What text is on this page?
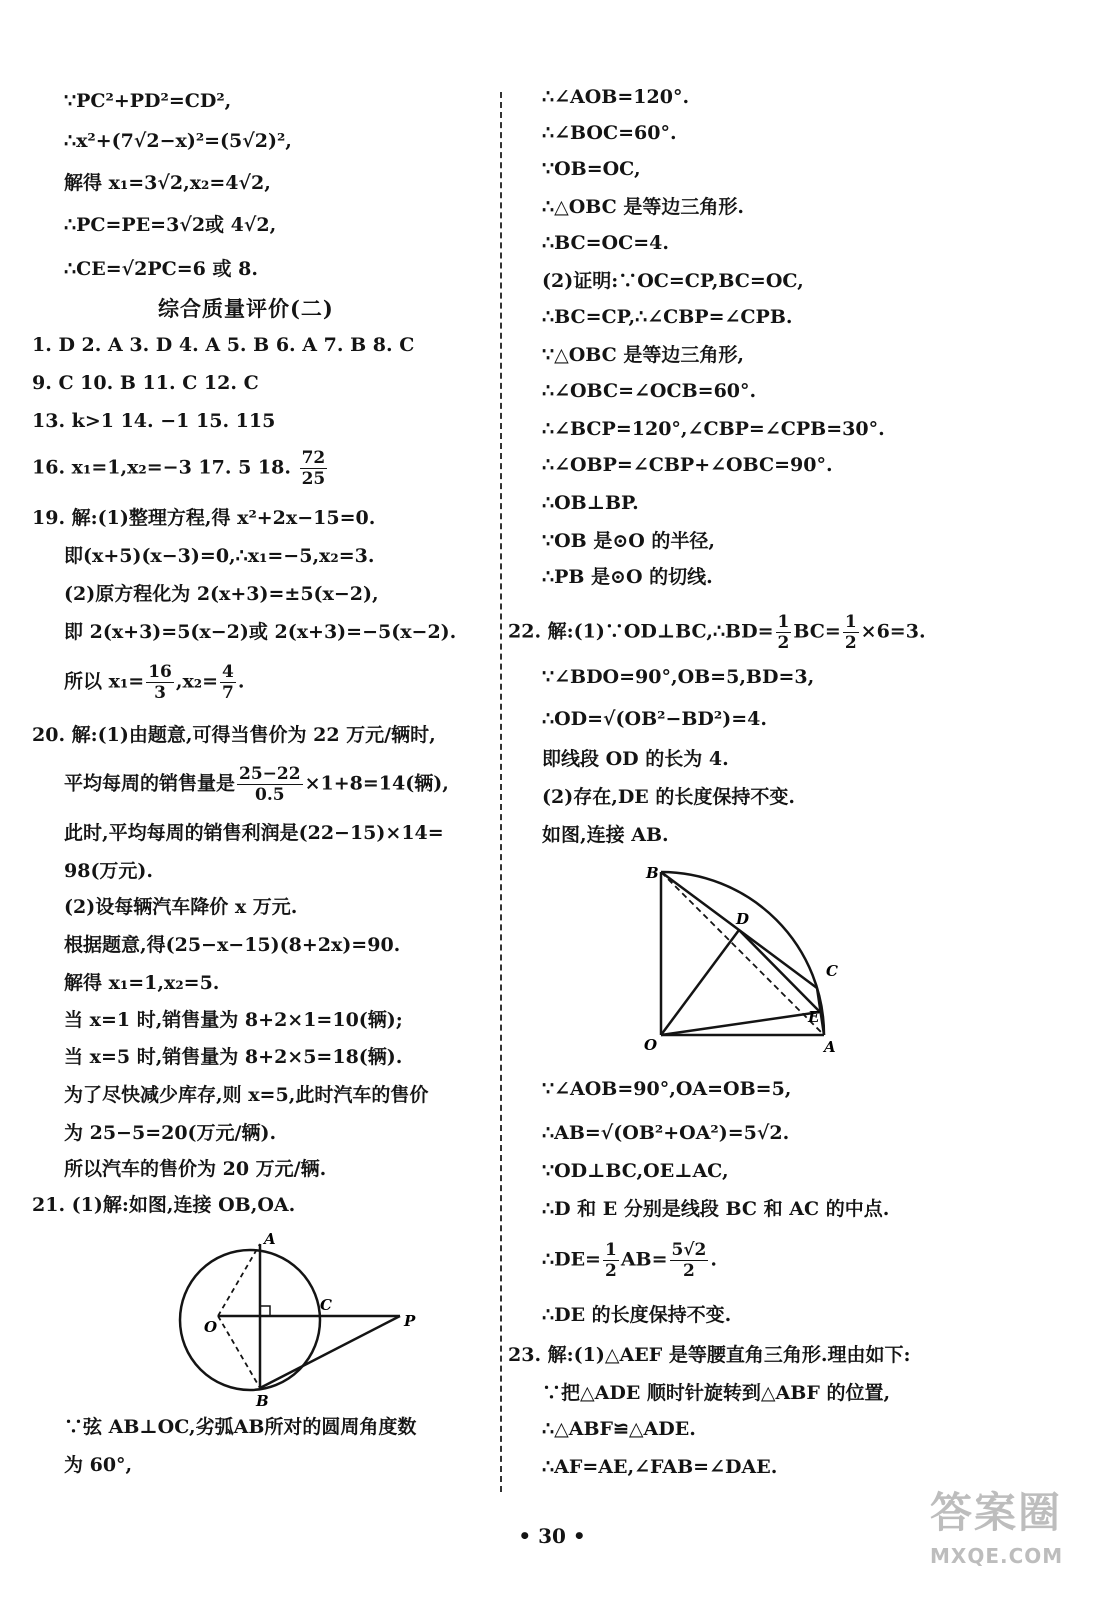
∵PC²+PD²=CD²,
∴x²+(7√2−x)²=(5√2)²,
解得 x₁=3√2,x₂=4√2,
∴PC=PE=3√2或 4√2,
∴CE=√2PC=6 或 8.
综合质量评价(二)
1. D 2. A 3. D 4. A 5. B 6. A 7. B 8. C
9. C 10. B 11. C 12. C
13. k>1 14. −1 15. 115
16. x₁=1,x₂=−3 17. 5 18. $\frac{72}{25}$
19. 解:(1)整理方程,得 x²+2x−15=0.
即(x+5)(x−3)=0,∴x₁=−5,x₂=3.
(2)原方程化为 2(x+3)=±5(x−2),
即 2(x+3)=5(x−2)或 2(x+3)=−5(x−2).
所以 $x_1= \frac{16}{3} ,x_2= \frac{4}{7}$ .
20. 解:(1)由题意,可得当售价为 22 万元/辆时,
平均每周的销售量是 $\frac{25-22}{0.5} \times 1+8=14$(辆),
此时,平均每周的销售利润是(22−15)×14=
98(万元).
(2)设每辆汽车降价 x 万元.
根据题意,得(25−x−15)(8+2x)=90.
解得 x₁=1,x₂=5.
当 x=1 时,销售量为 8+2×1=10(辆);
当 x=5 时,销售量为 8+2×5=18(辆).
为了尽快减少库存,则 x=5,此时汽车的售价
为 25−5=20(万元/辆).
所以汽车的售价为 20 万元/辆.
21. (1)解:如图,连接 OB,OA.
A
B
C
O	P
∵弦 AB⊥OC,劣弧AB所对的圆周角度数
为 60°,
∴∠AOB=120°.
∴∠BOC=60°.
∵OB=OC,
∴△OBC 是等边三角形.
∴BC=OC=4.
(2)证明:∵OC=CP,BC=OC,
∴BC=CP,∴∠CBP=∠CPB.
∵△OBC 是等边三角形,
∴∠OBC=∠OCB=60°.
∴∠BCP=120°,∠CBP=∠CPB=30°.
∴∠OBP=∠CBP+∠OBC=90°.
∴OB⊥BP.
∵OB 是⊙O 的半径,
∴PB 是⊙O 的切线.
22. 解:(1)∵OD⊥BC,∴BD= $\frac{1}{2} BC= \frac{1}{2} \times 6=3$.
∵∠BDO=90°,OB=5,BD=3,
∴OD=√(OB²−BD²)=4.
即线段 OD 的长为 4.
(2)存在,DE 的长度保持不变.
如图,连接 AB.
B
D
C
E
O	A
∵∠AOB=90°,OA=OB=5,
∴AB=√(OB²+OA²)=5√2.
∵OD⊥BC,OE⊥AC,
∴D 和 E 分别是线段 BC 和 AC 的中点.
∴DE= $\frac{1}{2} AB= \frac{5√2}{2}$ .
∴DE 的长度保持不变.
23. 解:(1)△AEF 是等腰直角三角形.理由如下:
∵把△ADE 顺时针旋转到△ABF 的位置,
∴△ABF≌△ADE.
∴AF=AE,∠FAB=∠DAE.
• 30 •	答案圈
MXQE.COM
